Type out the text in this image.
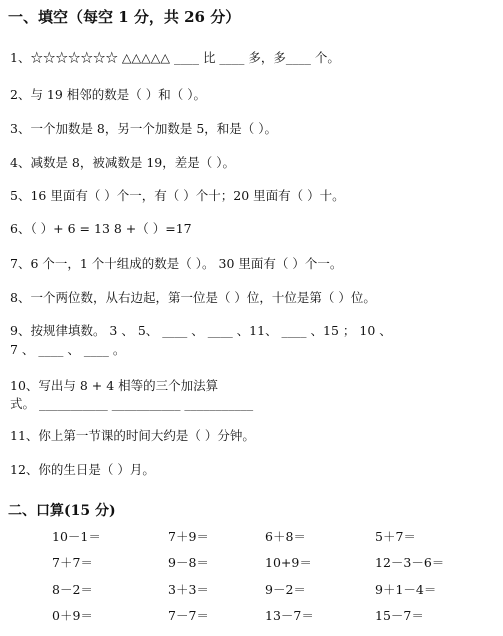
一、填空（每空 1 分，共 26 分）
1、☆☆☆☆☆☆☆ △△△△△ ____ 比 ____ 多，多____ 个。
2、与 19 相邻的数是（ ）和（ ）。
3、一个加数是 8，另一个加数是 5，和是（ ）。
4、减数是 8，被减数是 19，差是（ ）。
5、16 里面有（ ）个一，有（ ）个十；20 里面有（ ）十。
6、（ ）+ 6 = 13 8 +（ ）=17
7、6 个一，1 个十组成的数是（ ）。 30 里面有（ ）个一。
8、一个两位数，从右边起，第一位是（ ）位，十位是第（ ）位。
9、按规律填数。 3 、 5、 ____ 、 ____ 、11、 ____ 、15 ； 10 、
7 、 ____ 、 ____ 。
10、写出与 8 + 4 相等的三个加法算
式。 ___________ ___________ ___________
11、你上第一节课的时间大约是（ ）分钟。
12、你的生日是（ ）月。
二、口算(15 分)
10－1＝	7＋9＝	6＋8＝	5＋7＝
7＋7＝	9－8＝	10+9＝	12－3－6＝
8－2＝	3＋3＝	9－2＝	9＋1－4＝
0＋9＝	7－7＝	13－7＝	15－7＝
